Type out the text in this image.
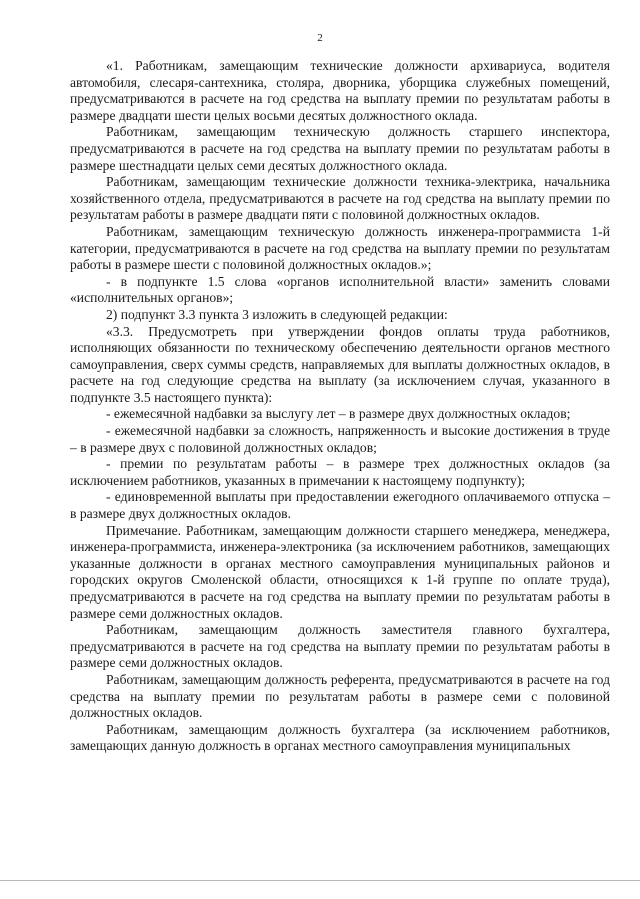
2

«1. Работникам, замещающим технические должности архивариуса, водителя автомобиля, слесаря-сантехника, столяра, дворника, уборщика служебных помещений, предусматриваются в расчете на год средства на выплату премии по результатам работы в размере двадцати шести целых восьми десятых должностного оклада.

Работникам, замещающим техническую должность старшего инспектора, предусматриваются в расчете на год средства на выплату премии по результатам работы в размере шестнадцати целых семи десятых должностного оклада.

Работникам, замещающим технические должности техника-электрика, начальника хозяйственного отдела, предусматриваются в расчете на год средства на выплату премии по результатам работы в размере двадцати пяти с половиной должностных окладов.

Работникам, замещающим техническую должность инженера-программиста 1-й категории, предусматриваются в расчете на год средства на выплату премии по результатам работы в размере шести с половиной должностных окладов.»;

- в подпункте 1.5 слова «органов исполнительной власти» заменить словами «исполнительных органов»;

2) подпункт 3.3 пункта 3 изложить в следующей редакции:

«3.3. Предусмотреть при утверждении фондов оплаты труда работников, исполняющих обязанности по техническому обеспечению деятельности органов местного самоуправления, сверх суммы средств, направляемых для выплаты должностных окладов, в расчете на год следующие средства на выплату (за исключением случая, указанного в подпункте 3.5 настоящего пункта):

- ежемесячной надбавки за выслугу лет – в размере двух должностных окладов;

- ежемесячной надбавки за сложность, напряженность и высокие достижения в труде – в размере двух с половиной должностных окладов;

- премии по результатам работы – в размере трех должностных окладов (за исключением работников, указанных в примечании к настоящему подпункту);

- единовременной выплаты при предоставлении ежегодного оплачиваемого отпуска – в размере двух должностных окладов.

Примечание. Работникам, замещающим должности старшего менеджера, менеджера, инженера-программиста, инженера-электроника (за исключением работников, замещающих указанные должности в органах местного самоуправления муниципальных районов и городских округов Смоленской области, относящихся к 1-й группе по оплате труда), предусматриваются в расчете на год средства на выплату премии по результатам работы в размере семи должностных окладов.

Работникам, замещающим должность заместителя главного бухгалтера, предусматриваются в расчете на год средства на выплату премии по результатам работы в размере семи должностных окладов.

Работникам, замещающим должность референта, предусматриваются в расчете на год средства на выплату премии по результатам работы в размере семи с половиной должностных окладов.

Работникам, замещающим должность бухгалтера (за исключением работников, замещающих данную должность в органах местного самоуправления муниципальных
